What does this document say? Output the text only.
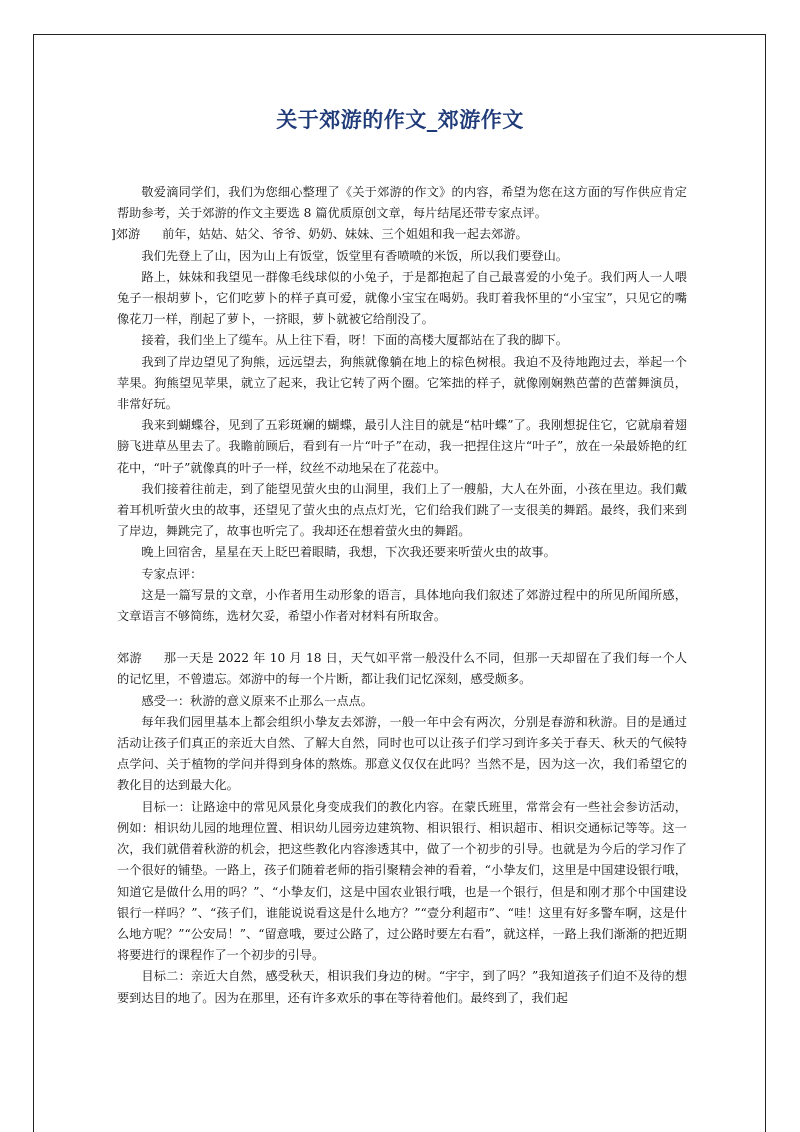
关于郊游的作文_郊游作文

敬爱滴同学们，我们为您细心整理了《关于郊游的作文》的内容，希望为您在这方面的写作供应肯定帮助参考，关于郊游的作文主要选 8 篇优质原创文章，每片结尾还带专家点评。

]郊游 前年，姑姑、姑父、爷爷、奶奶、妹妹、三个姐姐和我一起去郊游。

我们先登上了山，因为山上有饭堂，饭堂里有香喷喷的米饭，所以我们要登山。

路上，妹妹和我望见一群像毛线球似的小兔子，于是都抱起了自己最喜爱的小兔子。我们两人一人喂兔子一根胡萝卜，它们吃萝卜的样子真可爱，就像小宝宝在喝奶。我盯着我怀里的“小宝宝”，只见它的嘴像花刀一样，削起了萝卜，一挤眼，萝卜就被它给削没了。

接着，我们坐上了缆车。从上往下看，呀！下面的高楼大厦都站在了我的脚下。

我到了岸边望见了狗熊，远远望去，狗熊就像躺在地上的棕色树根。我迫不及待地跑过去，举起一个苹果。狗熊望见苹果，就立了起来，我让它转了两个圈。它笨拙的样子，就像刚娴熟芭蕾的芭蕾舞演员，非常好玩。

我来到蝴蝶谷，见到了五彩斑斓的蝴蝶，最引人注目的就是“枯叶蝶”了。我刚想捉住它，它就扇着翅膀飞进草丛里去了。我瞻前顾后，看到有一片“叶子”在动，我一把捏住这片“叶子”，放在一朵最娇艳的红花中，“叶子”就像真的叶子一样，纹丝不动地呆在了花蕊中。

我们接着往前走，到了能望见萤火虫的山洞里，我们上了一艘船，大人在外面，小孩在里边。我们戴着耳机听萤火虫的故事，还望见了萤火虫的点点灯光，它们给我们跳了一支很美的舞蹈。最终，我们来到了岸边，舞跳完了，故事也听完了。我却还在想着萤火虫的舞蹈。

晚上回宿舍，星星在天上眨巴着眼睛，我想，下次我还要来听萤火虫的故事。

专家点评：

这是一篇写景的文章，小作者用生动形象的语言，具体地向我们叙述了郊游过程中的所见所闻所感，文章语言不够简练，选材欠妥，希望小作者对材料有所取舍。

郊游 那一天是 2022 年 10 月 18 日，天气如平常一般没什么不同，但那一天却留在了我们每一个人的记忆里，不曾遗忘。郊游中的每一个片断，都让我们记忆深刻，感受颇多。

感受一：秋游的意义原来不止那么一点点。

每年我们园里基本上都会组织小挚友去郊游，一般一年中会有两次，分别是春游和秋游。目的是通过活动让孩子们真正的亲近大自然、了解大自然，同时也可以让孩子们学习到许多关于春天、秋天的气候特点学问、关于植物的学问并得到身体的熬炼。那意义仅仅在此吗？当然不是，因为这一次，我们希望它的教化目的达到最大化。

目标一：让路途中的常见风景化身变成我们的教化内容。在蒙氏班里，常常会有一些社会参访活动，例如：相识幼儿园的地理位置、相识幼儿园旁边建筑物、相识银行、相识超市、相识交通标记等等。这一次，我们就借着秋游的机会，把这些教化内容渗透其中，做了一个初步的引导。也就是为今后的学习作了一个很好的铺垫。一路上，孩子们随着老师的指引聚精会神的看着，“小挚友们，这里是中国建设银行哦，知道它是做什么用的吗？”、“小挚友们，这是中国农业银行哦，也是一个银行，但是和刚才那个中国建设银行一样吗？”、“孩子们，谁能说说看这是什么地方？”“壹分利超市”、“哇！这里有好多警车啊，这是什么地方呢？”“公安局！”、“留意哦，要过公路了，过公路时要左右看”，就这样，一路上我们渐渐的把近期将要进行的课程作了一个初步的引导。

目标二：亲近大自然，感受秋天，相识我们身边的树。“宇宇，到了吗？”我知道孩子们迫不及待的想要到达目的地了。因为在那里，还有许多欢乐的事在等待着他们。最终到了，我们起
